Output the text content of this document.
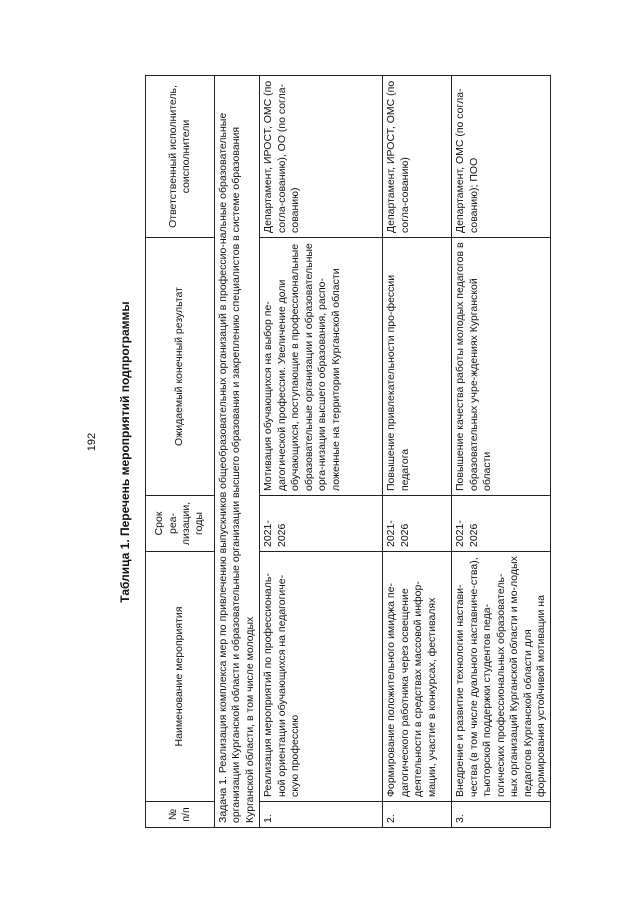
192 Таблица 1. Перечень мероприятий подпрограммы
№ п/п	Наименование мероприятия	Срок реа-лизации, годы	Ожидаемый конечный результат	Ответственный исполнитель, соисполнители
Задача 1. Реализация комплекса мер по привлечению выпускников общеобразовательных организаций в профессио-нальные образовательные организации Курганской области и образовательные организации высшего образования и закреплению специалистов в системе образования Курганской области, в том числе молодых				
1.	Реализация мероприятий по профессиональ-ной ориентации обучающихся на педагогиче-скую профессию	2021-2026	Мотивация обучающихся на выбор пе-дагогической профессии. Увеличение доли обучающихся, поступающие в профессиональные образовательные организации и образовательные орга-низации высшего образования, распо-ложенные на территории Курганской области	Департамент, ИРОСТ, ОМС (по согла-сованию), ОО (по согла-сованию)
2.	Формирование положительного имиджа пе-дагогического работника через освещение деятельности в средствах массовой инфор-мации, участие в конкурсах, фестивалях	2021-2026	Повышение привлекательности про-фессии педагога	Департамент, ИРОСТ, ОМС (по согла-сованию)
3.	Внедрение и развитие технологии настави-чества (в том числе дуального наставниче-ства), тьюторской поддержки студентов педа-гогических профессиональных образователь-ных организаций Курганской области и мо-лодых педагогов Курганской области для формирования устойчивой мотивации на	2021-2026	Повышение качества работы молодых педагогов в образовательных учре-ждениях Курганской области	Департамент, ОМС (по согла-сованию); ПОО
